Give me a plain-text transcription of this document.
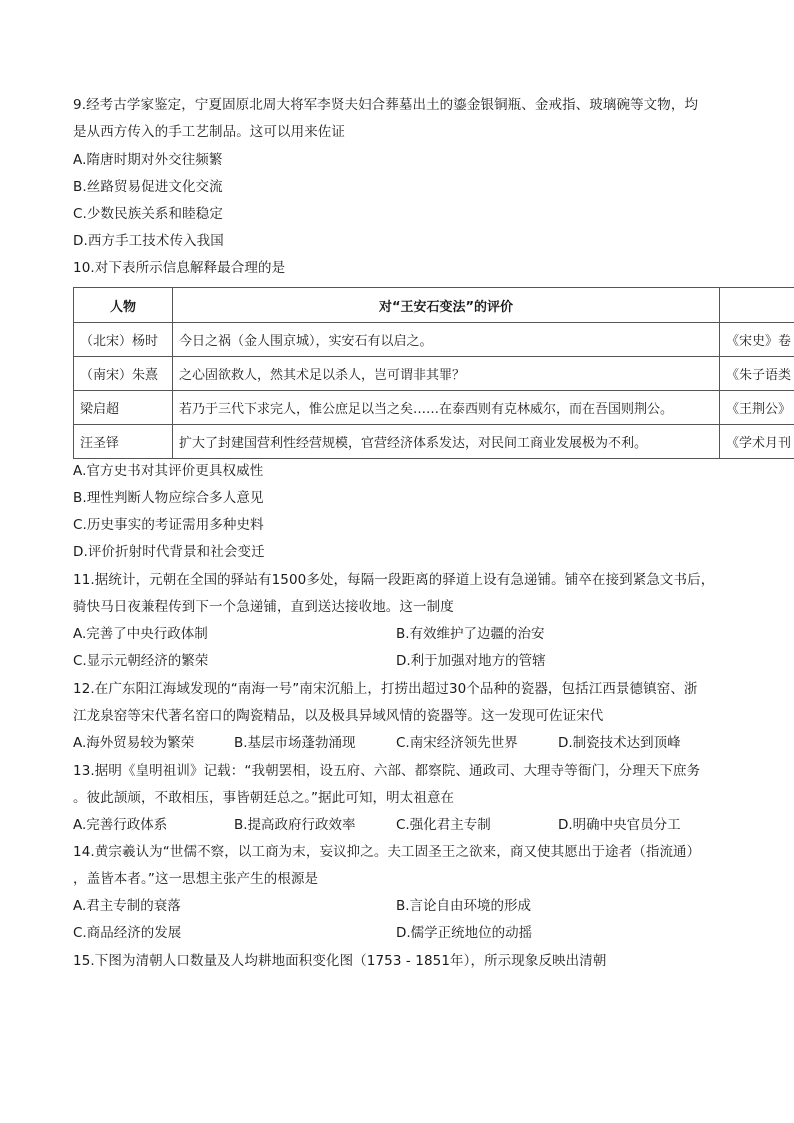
9.经考古学家鉴定，宁夏固原北周大将军李贤夫妇合葬墓出土的鎏金银铜瓶、金戒指、玻璃碗等文物，均
是从西方传入的手工艺制品。这可以用来佐证
A.隋唐时期对外交往频繁
B.丝路贸易促进文化交流
C.少数民族关系和睦稳定
D.西方手工技术传入我国
10.对下表所示信息解释最合理的是
人物	对“王安石变法”的评价	
（北宋）杨时	今日之祸（金人围京城），实安石有以启之。	《宋史》卷
（南宋）朱熹	之心固欲救人，然其术足以杀人，岂可谓非其罪？	《朱子语类
梁启超	若乃于三代下求完人，惟公庶足以当之矣……在泰西则有克林威尔，而在吾国则荆公。	《王荆公》
汪圣铎	扩大了封建国营利性经营规模，官营经济体系发达，对民间工商业发展极为不利。	《学术月刊
A.官方史书对其评价更具权威性
B.理性判断人物应综合多人意见
C.历史事实的考证需用多种史料
D.评价折射时代背景和社会变迁
11.据统计，元朝在全国的驿站有1500多处，每隔一段距离的驿道上设有急递铺。铺卒在接到紧急文书后，
骑快马日夜兼程传到下一个急递铺，直到送达接收地。这一制度
A.完善了中央行政体制	B.有效维护了边疆的治安
C.显示元朝经济的繁荣	D.利于加强对地方的管辖
12.在广东阳江海域发现的“南海一号”南宋沉船上，打捞出超过30个品种的瓷器，包括江西景德镇窑、浙
江龙泉窑等宋代著名窑口的陶瓷精品，以及极具异域风情的瓷器等。这一发现可佐证宋代
A.海外贸易较为繁荣	B.基层市场蓬勃涌现	C.南宋经济领先世界	D.制瓷技术达到顶峰
13.据明《皇明祖训》记载：“我朝罢相，设五府、六部、都察院、通政司、大理寺等衙门，分理天下庶务
。彼此颉颃，不敢相压，事皆朝廷总之。”据此可知，明太祖意在
A.完善行政体系	B.提高政府行政效率	C.强化君主专制	D.明确中央官员分工
14.黄宗羲认为“世儒不察，以工商为末，妄议抑之。夫工固圣王之欲来，商又使其愿出于途者（指流通）
，盖皆本者。”这一思想主张产生的根源是
A.君主专制的衰落	B.言论自由环境的形成
C.商品经济的发展	D.儒学正统地位的动摇
15.下图为清朝人口数量及人均耕地面积变化图（1753 - 1851年），所示现象反映出清朝
